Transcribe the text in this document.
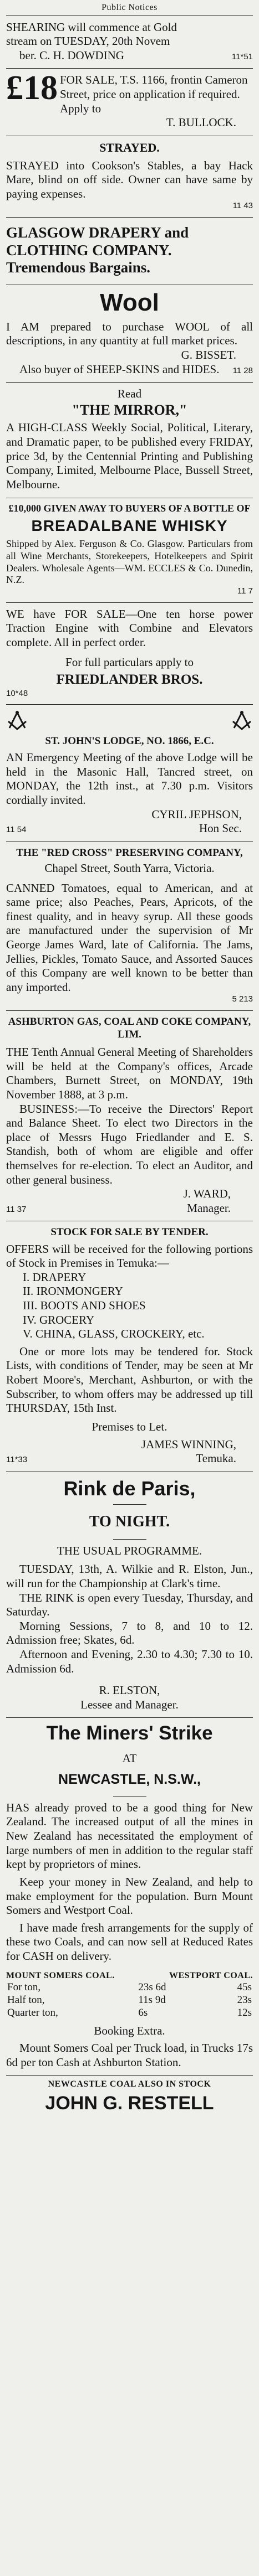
Public Notices
SHEARING will commence at Gold
stream on TUESDAY, 20th Novem
ber. C. H. DOWDING	11*51
£18 FOR SALE, T.S. 1166, frontin Cameron Street, price on application if required. Apply to
T. BULLOCK.
STRAYED.
STRAYED into Cookson's Stables, a bay Hack Mare, blind on off side. Owner can have same by paying expenses.
11 43
GLASGOW DRAPERY and CLOTHING COMPANY. Tremendous Bargains.
Wool
I AM prepared to purchase WOOL of all descriptions, in any quantity at full market prices.
G. BISSET.
Also buyer of SHEEP-SKINS and HIDES. 11 28
Read
"THE MIRROR,"
A HIGH-CLASS Weekly Social, Political, Literary, and Dramatic paper, to be published every FRIDAY, price 3d, by the Centennial Printing and Publishing Company, Limited, Melbourne Place, Bussell Street, Melbourne.
£10,000 GIVEN AWAY TO BUYERS OF A BOTTLE OF
BREADALBANE WHISKY
Shipped by Alex. Ferguson & Co. Glasgow. Particulars from all Wine Merchants, Storekeepers, Hotelkeepers and Spirit Dealers. Wholesale Agents—WM. ECCLES & Co. Dunedin, N.Z.
11 7
WE have FOR SALE—One ten horse power Traction Engine with Combine and Elevators complete. All in perfect order.
For full particulars apply to
FRIEDLANDER BROS.
10*48
ST. JOHN'S LODGE, NO. 1866, E.C.
AN Emergency Meeting of the above Lodge will be held in the Masonic Hall, Tancred street, on MONDAY, the 12th inst., at 7.30 p.m. Visitors cordially invited.
CYRIL JEPHSON,
11 54	Hon Sec.
THE "RED CROSS" PRESERVING COMPANY,
Chapel Street, South Yarra, Victoria.
CANNED Tomatoes, equal to American, and at same price; also Peaches, Pears, Apricots, of the finest quality, and in heavy syrup. All these goods are manufactured under the supervision of Mr George James Ward, late of California. The Jams, Jellies, Pickles, Tomato Sauce, and Assorted Sauces of this Company are well known to be better than any imported.
5 213
ASHBURTON GAS, COAL AND COKE COMPANY, LIM.
THE Tenth Annual General Meeting of Shareholders will be held at the Company's offices, Arcade Chambers, Burnett Street, on MONDAY, 19th November 1888, at 3 p.m.
BUSINESS:—To receive the Directors' Report and Balance Sheet. To elect two Directors in the place of Messrs Hugo Friedlander and E. S. Standish, both of whom are eligible and offer themselves for re-election. To elect an Auditor, and other general business.
J. WARD,
11 37	Manager.
STOCK FOR SALE BY TENDER.
OFFERS will be received for the following portions of Stock in Premises in Temuka:—
I. DRAPERY
II. IRONMONGERY
III. BOOTS AND SHOES
IV. GROCERY
V. CHINA, GLASS, CROCKERY, etc.
One or more lots may be tendered for. Stock Lists, with conditions of Tender, may be seen at Mr Robert Moore's, Merchant, Ashburton, or with the Subscriber, to whom offers may be addressed up till THURSDAY, 15th Inst.
Premises to Let.
JAMES WINNING,
11*33	Temuka.
Rink de Paris,
TO NIGHT.
THE USUAL PROGRAMME.
TUESDAY, 13th, A. Wilkie and R. Elston, Jun., will run for the Championship at Clark's time.
THE RINK is open every Tuesday, Thursday, and Saturday.
Morning Sessions, 7 to 8, and 10 to 12. Admission free; Skates, 6d.
Afternoon and Evening, 2.30 to 4.30; 7.30 to 10. Admission 6d.
R. ELSTON,
Lessee and Manager.
The Miners' Strike
AT
NEWCASTLE, N.S.W.,
HAS already proved to be a good thing for New Zealand. The increased output of all the mines in New Zealand has necessitated the employment of large numbers of men in addition to the regular staff kept by proprietors of mines.
Keep your money in New Zealand, and help to make employment for the population. Burn Mount Somers and Westport Coal.
I have made fresh arrangements for the supply of these two Coals, and can now sell at Reduced Rates for CASH on delivery.
MOUNT SOMERS COAL.	WESTPORT COAL.
For ton,	23s 6d	45s
Half ton,	11s 9d	23s
Quarter ton,	6s	12s
Booking Extra.
Mount Somers Coal per Truck load, in Trucks 17s 6d per ton Cash at Ashburton Station.
NEWCASTLE COAL ALSO IN STOCK
JOHN G. RESTELL
